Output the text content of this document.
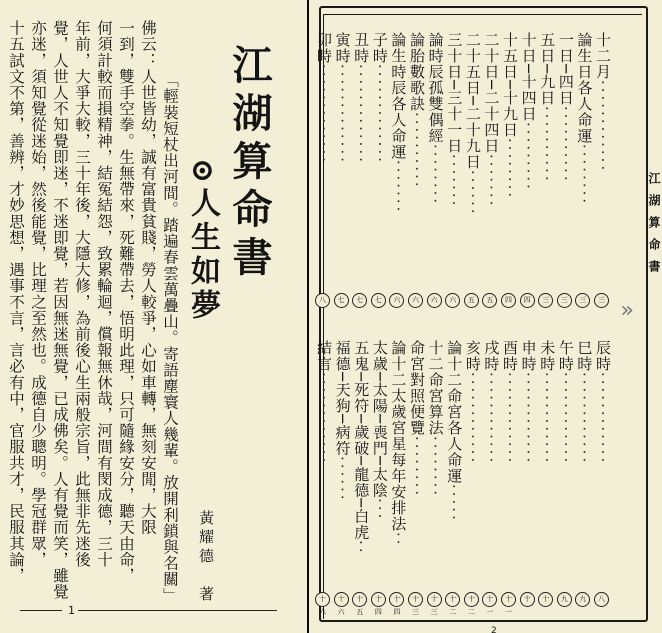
江湖算命書
⊙人生如夢
「輕裝短杖出河間。踏遍春雲萬疊山。寄語塵寰人幾輩。放開利鎖與名關」 黃耀德　著
佛云：人世皆幼，誠有富貴貧賤，勞人較爭，心如車轉，無刻安閒，大限
一到，雙手空拳。生無帶來，死難帶去，悟明此理，只可隨緣安分，聽天由命，
何須計較而損精神，結冤結怨，致累輪迴，償報無休哉，河間有閔成德，三十
年前，大爭大較，三十年後，大隱大修，為前後心生兩般宗旨，此無非先迷後
覺，人世人不知覺即迷，不迷即覺，若因無迷無覺，已成佛矣。人有覺而笑，雖覺
亦迷，須知覺從迷始，然後能覺，比理之至然也。成德自少聰明。學冠群眾，
十五試文不第，善辨，才妙思想，遇事不言，言必有中，官服共才，民服其論，
1
江湖算命書
»
2
十二月············
三
論生日各人命運········
三
一日─四日··········
三
五日─九日··········
三
十日─十四日·········
四
十五日─十九日········
四
二十日─二十四日·······
五
二十五日─二十九日······
五
三十日─三十一日·······
六
論時辰孤雙偶經········
六
論胎數歌訣··········
六
論生時辰各人命運·······
六
子時·············
七
丑時·············
七
寅時·············
七
卯時·············
八
辰時············
八
巳時············
九
午時············
九
未時············
十
申時············
十
酉時············
十一
戌時············
十一
亥時············
十二
論十二命宮各人命運·····
十二
十二命宮算法········
十三
命宮對照便覽········
十三
論十二太歲宮星每年安排法··
十四
太歲─太陽─喪門─太陰···
十四
五鬼─死符─歲破─龍德─白虎··
十五
福德─天狗─病符······
十六
結言············
十六
